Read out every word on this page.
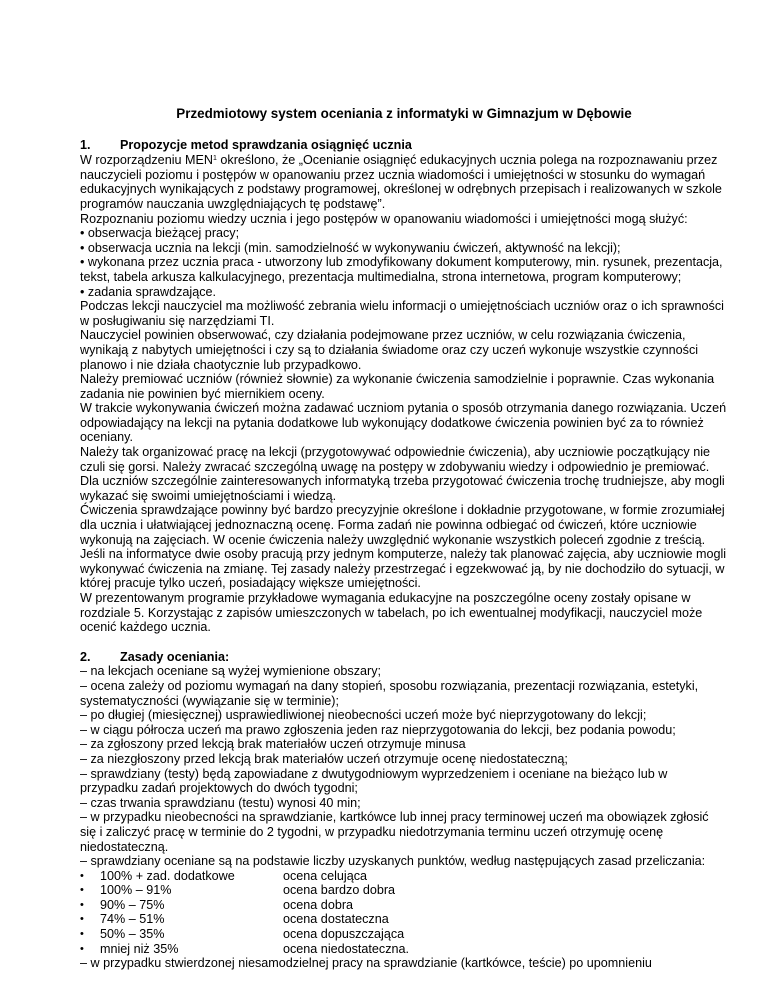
Przedmiotowy system oceniania z informatyki w Gimnazjum w Dębowie
1. Propozycje metod sprawdzania osiągnięć ucznia

W rozporządzeniu MEN$^1$ określono, że „Ocenianie osiągnięć edukacyjnych ucznia polega na rozpoznawaniu przez nauczycieli poziomu i postępów w opanowaniu przez ucznia wiadomości i umiejętności w stosunku do wymagań edukacyjnych wynikających z podstawy programowej, określonej w odrębnych przepisach i realizowanych w szkole programów nauczania uwzględniających tę podstawę”.

Rozpoznaniu poziomu wiedzy ucznia i jego postępów w opanowaniu wiadomości i umiejętności mogą służyć:

• obserwacja bieżącej pracy;

• obserwacja ucznia na lekcji (min. samodzielność w wykonywaniu ćwiczeń, aktywność na lekcji);

• wykonana przez ucznia praca - utworzony lub zmodyfikowany dokument komputerowy, min. rysunek, prezentacja, tekst, tabela arkusza kalkulacyjnego, prezentacja multimedialna, strona internetowa, program komputerowy;

• zadania sprawdzające.

Podczas lekcji nauczyciel ma możliwość zebrania wielu informacji o umiejętnościach uczniów oraz o ich sprawności w posługiwaniu się narzędziami TI.

Nauczyciel powinien obserwować, czy działania podejmowane przez uczniów, w celu rozwiązania ćwiczenia, wynikają z nabytych umiejętności i czy są to działania świadome oraz czy uczeń wykonuje wszystkie czynności planowo i nie działa chaotycznie lub przypadkowo.

Należy premiować uczniów (również słownie) za wykonanie ćwiczenia samodzielnie i poprawnie. Czas wykonania zadania nie powinien być miernikiem oceny.

W trakcie wykonywania ćwiczeń można zadawać uczniom pytania o sposób otrzymania danego rozwiązania. Uczeń odpowiadający na lekcji na pytania dodatkowe lub wykonujący dodatkowe ćwiczenia powinien być za to również oceniany.

Należy tak organizować pracę na lekcji (przygotowywać odpowiednie ćwiczenia), aby uczniowie początkujący nie czuli się gorsi. Należy zwracać szczególną uwagę na postępy w zdobywaniu wiedzy i odpowiednio je premiować.

Dla uczniów szczególnie zainteresowanych informatyką trzeba przygotować ćwiczenia trochę trudniejsze, aby mogli wykazać się swoimi umiejętnościami i wiedzą.

Ćwiczenia sprawdzające powinny być bardzo precyzyjnie określone i dokładnie przygotowane, w formie zrozumiałej dla ucznia i ułatwiającej jednoznaczną ocenę. Forma zadań nie powinna odbiegać od ćwiczeń, które uczniowie wykonują na zajęciach. W ocenie ćwiczenia należy uwzględnić wykonanie wszystkich poleceń zgodnie z treścią.

Jeśli na informatyce dwie osoby pracują przy jednym komputerze, należy tak planować zajęcia, aby uczniowie mogli wykonywać ćwiczenia na zmianę. Tej zasady należy przestrzegać i egzekwować ją, by nie dochodziło do sytuacji, w której pracuje tylko uczeń, posiadający większe umiejętności.

W prezentowanym programie przykładowe wymagania edukacyjne na poszczególne oceny zostały opisane w rozdziale 5. Korzystając z zapisów umieszczonych w tabelach, po ich ewentualnej modyfikacji, nauczyciel może ocenić każdego ucznia.

2. Zasady oceniania:

– na lekcjach oceniane są wyżej wymienione obszary;

– ocena zależy od poziomu wymagań na dany stopień, sposobu rozwiązania, prezentacji rozwiązania, estetyki, systematyczności (wywiązanie się w terminie);

– po długiej (miesięcznej) usprawiedliwionej nieobecności uczeń może być nieprzygotowany do lekcji;

– w ciągu półrocza uczeń ma prawo zgłoszenia jeden raz nieprzygotowania do lekcji, bez podania powodu;

– za zgłoszony przed lekcją brak materiałów uczeń otrzymuje minusa

– za niezgłoszony przed lekcją brak materiałów uczeń otrzymuje ocenę niedostateczną;

– sprawdziany (testy) będą zapowiadane z dwutygodniowym wyprzedzeniem i oceniane na bieżąco lub w przypadku zadań projektowych do dwóch tygodni;

– czas trwania sprawdzianu (testu) wynosi 40 min;

– w przypadku nieobecności na sprawdzianie, kartkówce lub innej pracy terminowej uczeń ma obowiązek zgłosić się i zaliczyć pracę w terminie do 2 tygodni, w przypadku niedotrzymania terminu uczeń otrzymuję ocenę niedostateczną.

– sprawdziany oceniane są na podstawie liczby uzyskanych punktów, według następujących zasad przeliczania:

•	100% + zad. dodatkowe	ocena celująca
•	100% – 91%	ocena bardzo dobra
•	90% – 75%	ocena dobra
•	74% – 51%	ocena dostateczna
•	50% – 35%	ocena dopuszczająca
•	mniej niż 35%	ocena niedostateczna.

– w przypadku stwierdzonej niesamodzielnej pracy na sprawdzianie (kartkówce, teście) po upomnieniu
